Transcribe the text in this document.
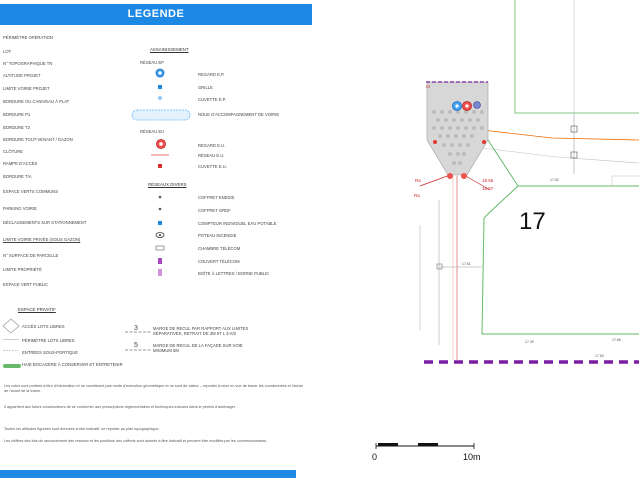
LEGENDE
PÉRIMÈTRE OPÉRATION
LOT
N° TOPOGRAPHIQUE TN
ALTITUDE PROJET
LIMITE VOIRIE PROJET
BORDURE OU CANIVEAU À PLAT
BORDURE P1
BORDURE T2
BORDURE TOUT-VENANT / GAZON
CLÔTURE
RAMPE D'ACCÈS
BORDURE T/A
ESPACE VERTS COMMUNS
PARKING VOIRIE
DÉCLASSEMENTS SUR STATIONNEMENT
LIMITE VOIRIE PRIVÉE (SOUS GAZON)
N° SURFACE DE PARCELLE
LIMITE PROPRIÉTÉ
ESPACE VERT PUBLIC
ASSAINISSEMENT
RÉSEAU EP
REGARD E.P.
GRILLE
CUVETTE E.P.
NOUE D'ACCOMPAGNEMENT DE VOIRIE
RÉSEAU EU
REGARD E.U.
RÉSEAU E.U.
CUVETTE E.U.
RÉSEAUX DIVERS
COFFRET ENEDIS
COFFRET GRDF
COMPTEUR INDIVIDUEL EAU POTABLE
POTEAU INCENDIE
CHAMBRE TÉLÉCOM
COUVERT TÉLÉCOM
BOÎTE À LETTRES / BORNE PUBLIC
ESPACE PRIVATIF
ACCÈS LOTS LIBRES
PÉRIMÈTRE LOTS LIBRES
ENTRÉES SOUS-PORTIQUE
HAIE BOCAGÈRE À CONSERVER ET ENTRETENIR
3
5
MARGE DE RECUL PAR RAPPORT AUX LIMITES SÉPARATIVES, RETRAIT DE 3M 6T L 3 H/2
MARGE DE RECUL DE LA FAÇADE SUR VOIE MINIMUM 5M
Les cotes sont portées à titre d'information et ne constituent pas mode d'exécution géométrique et ne sont de valeur – reportés à ceux en vue de tracer les coordonnées et l'achat de l'avant de la trame.
Il appartient aux futurs constructeurs de se conformer aux prescriptions réglementaires et techniques incluses dans le permis d'aménager.
Toutes les altitudes figurées sont données à titre indicatif, se reporter au plan topographique.
Les chiffres des lots de raccordement des réseaux et les positions des coffrets sont donnés à titre indicatif et peuvent être modifiés par les concessionnaires.
17
0	10m
17.52
17.39
17.63
17.61
17.66
Ra
Ra
18.56
18.57
r4
